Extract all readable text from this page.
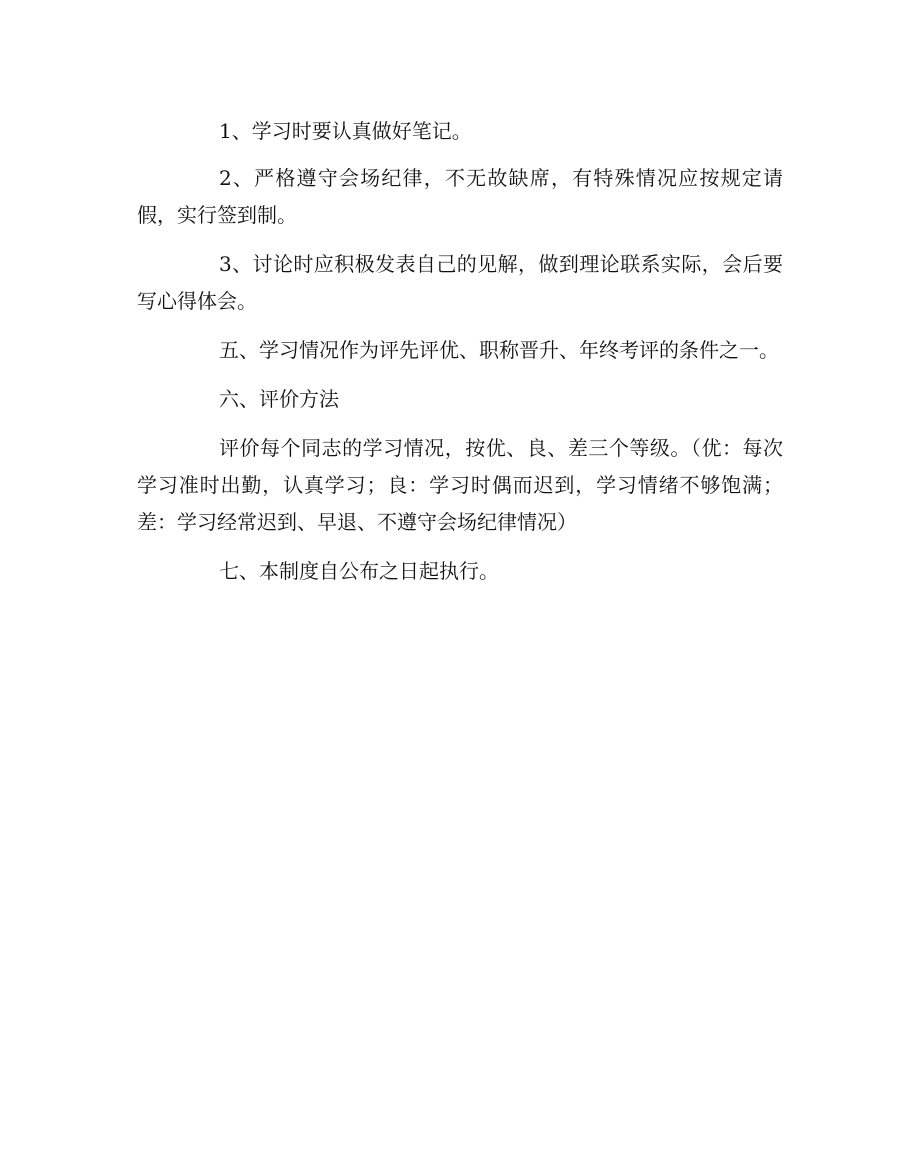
1、学习时要认真做好笔记。

2、严格遵守会场纪律，不无故缺席，有特殊情况应按规定请假，实行签到制。

3、讨论时应积极发表自己的见解，做到理论联系实际，会后要写心得体会。

五、学习情况作为评先评优、职称晋升、年终考评的条件之一。

六、评价方法

评价每个同志的学习情况，按优、良、差三个等级。（优：每次学习准时出勤，认真学习；良：学习时偶而迟到，学习情绪不够饱满；差：学习经常迟到、早退、不遵守会场纪律情况）

七、本制度自公布之日起执行。
